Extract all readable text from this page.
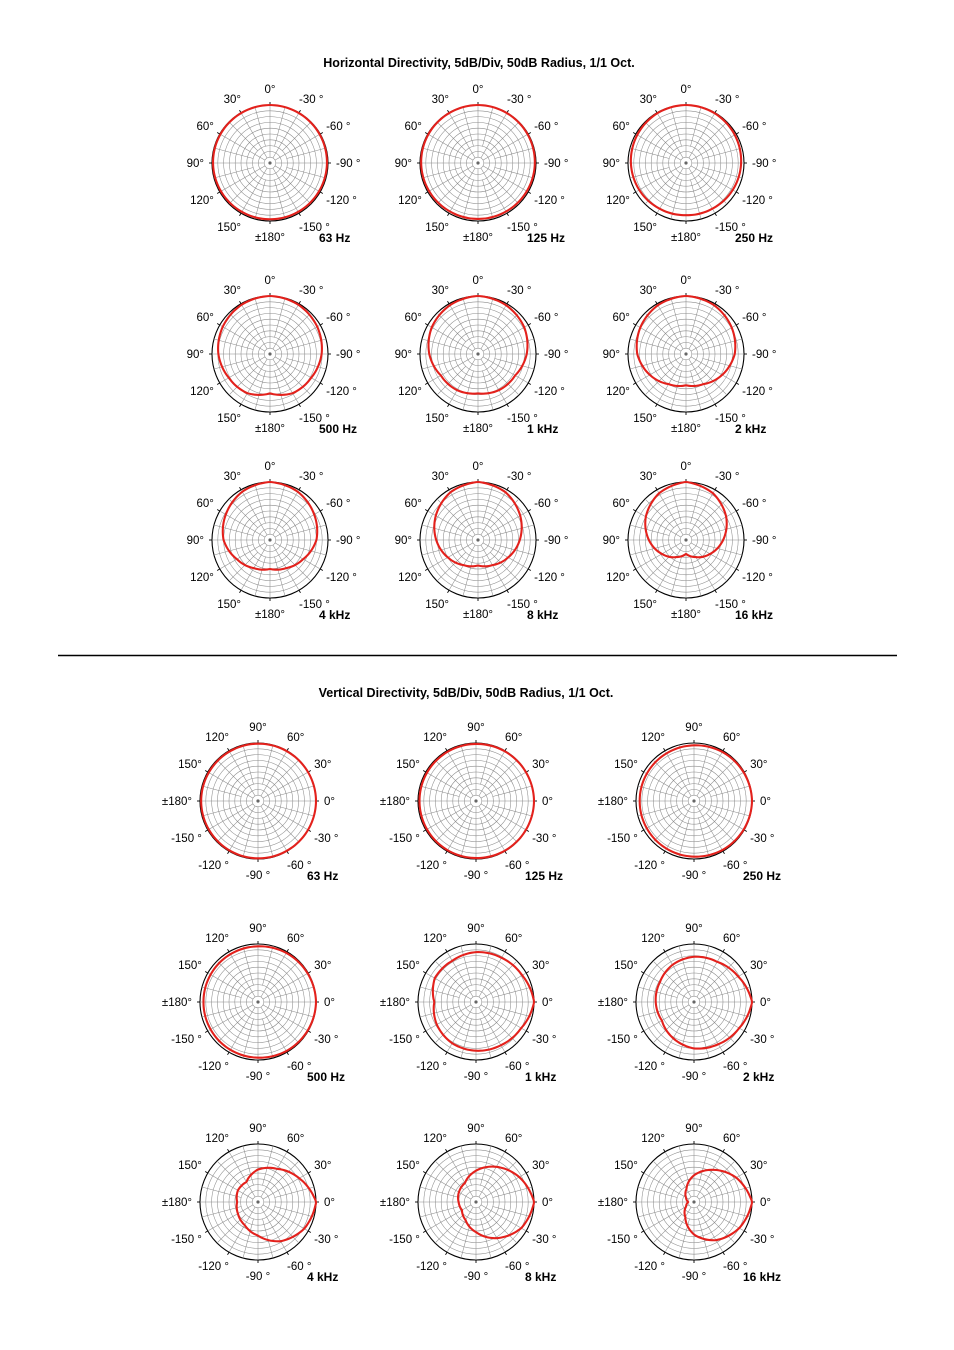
Horizontal Directivity, 5dB/Div, 50dB Radius, 1/1 Oct.
Vertical Directivity, 5dB/Div, 50dB Radius, 1/1 Oct.
0°
-30 °
-60 °
-90 °
-120 °
-150 °
±180°
150°
120°
90°
60°
30°
63 Hz
0°
-30 °
-60 °
-90 °
-120 °
-150 °
±180°
150°
120°
90°
60°
30°
125 Hz
0°
-30 °
-60 °
-90 °
-120 °
-150 °
±180°
150°
120°
90°
60°
30°
250 Hz
0°
-30 °
-60 °
-90 °
-120 °
-150 °
±180°
150°
120°
90°
60°
30°
500 Hz
0°
-30 °
-60 °
-90 °
-120 °
-150 °
±180°
150°
120°
90°
60°
30°
1 kHz
0°
-30 °
-60 °
-90 °
-120 °
-150 °
±180°
150°
120°
90°
60°
30°
2 kHz
0°
-30 °
-60 °
-90 °
-120 °
-150 °
±180°
150°
120°
90°
60°
30°
4 kHz
0°
-30 °
-60 °
-90 °
-120 °
-150 °
±180°
150°
120°
90°
60°
30°
8 kHz
0°
-30 °
-60 °
-90 °
-120 °
-150 °
±180°
150°
120°
90°
60°
30°
16 kHz
0°
30°
60°
90°
120°
150°
±180°
-150 °
-120 °
-90 °
-60 °
-30 °
63 Hz
0°
30°
60°
90°
120°
150°
±180°
-150 °
-120 °
-90 °
-60 °
-30 °
125 Hz
0°
30°
60°
90°
120°
150°
±180°
-150 °
-120 °
-90 °
-60 °
-30 °
250 Hz
0°
30°
60°
90°
120°
150°
±180°
-150 °
-120 °
-90 °
-60 °
-30 °
500 Hz
0°
30°
60°
90°
120°
150°
±180°
-150 °
-120 °
-90 °
-60 °
-30 °
1 kHz
0°
30°
60°
90°
120°
150°
±180°
-150 °
-120 °
-90 °
-60 °
-30 °
2 kHz
0°
30°
60°
90°
120°
150°
±180°
-150 °
-120 °
-90 °
-60 °
-30 °
4 kHz
0°
30°
60°
90°
120°
150°
±180°
-150 °
-120 °
-90 °
-60 °
-30 °
8 kHz
0°
30°
60°
90°
120°
150°
±180°
-150 °
-120 °
-90 °
-60 °
-30 °
16 kHz
